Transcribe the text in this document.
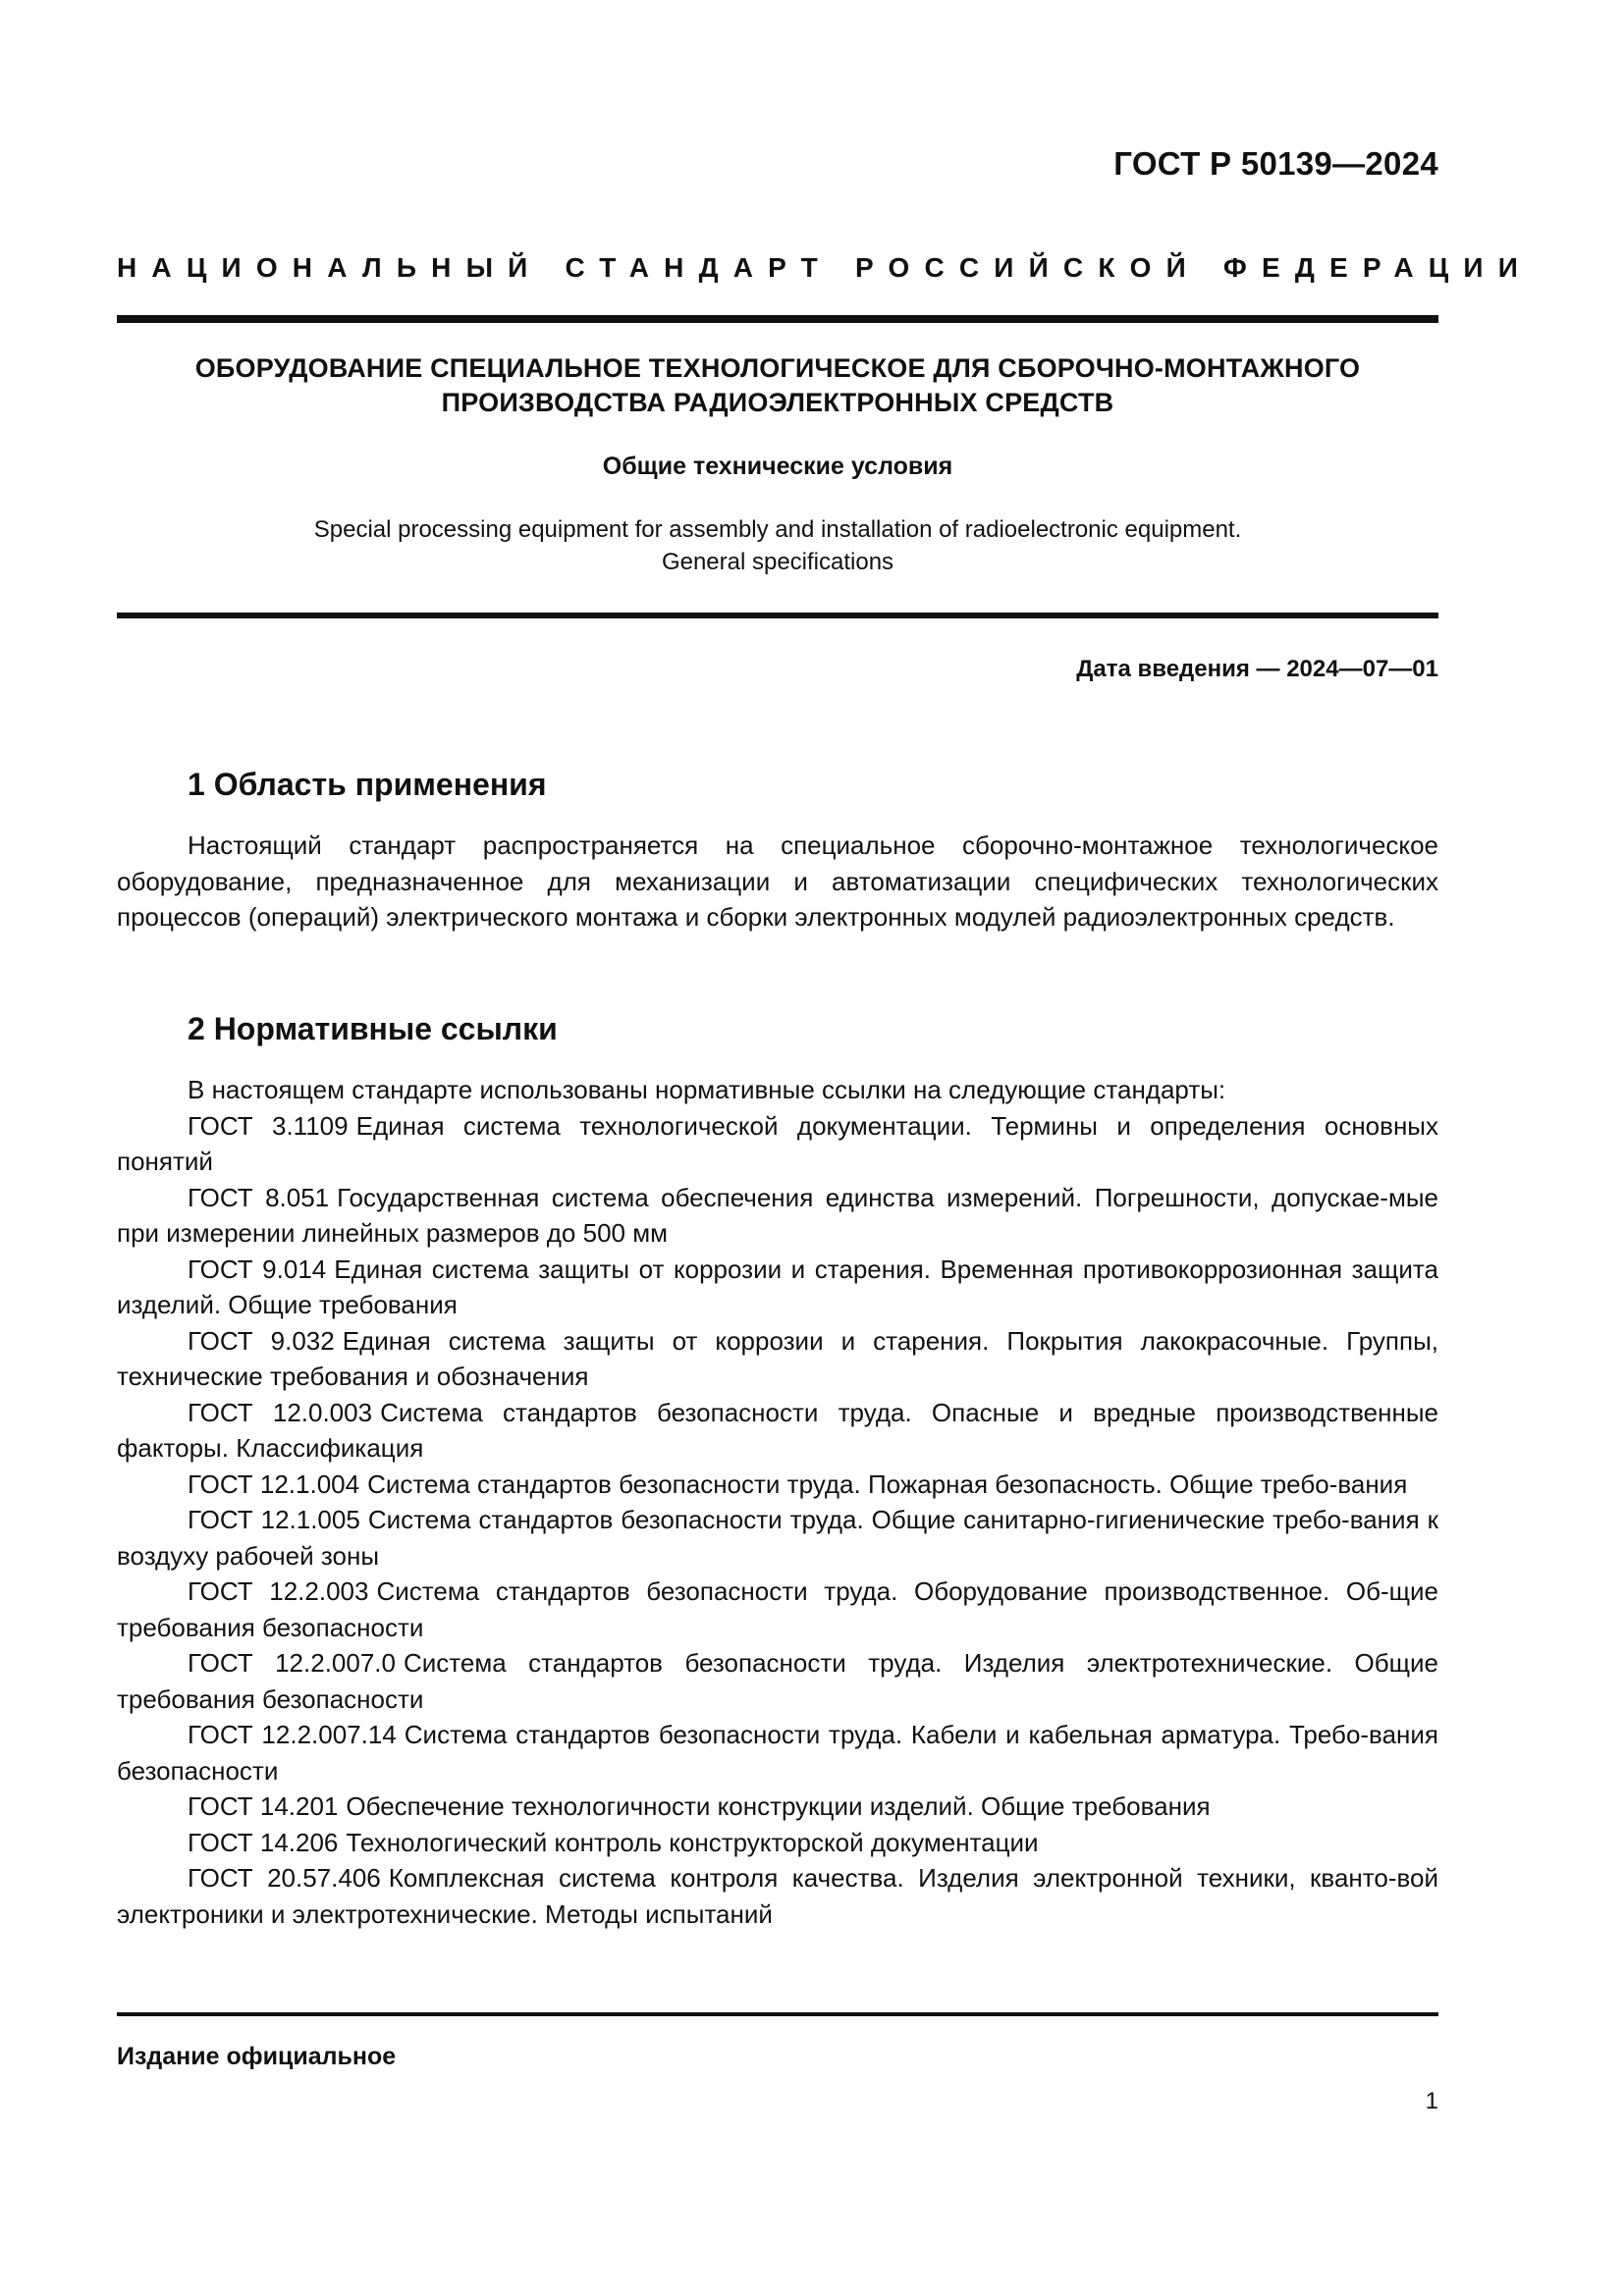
ГОСТ Р 50139—2024
НАЦИОНАЛЬНЫЙ СТАНДАРТ РОССИЙСКОЙ ФЕДЕРАЦИИ
ОБОРУДОВАНИЕ СПЕЦИАЛЬНОЕ ТЕХНОЛОГИЧЕСКОЕ ДЛЯ СБОРОЧНО-МОНТАЖНОГО
ПРОИЗВОДСТВА РАДИОЭЛЕКТРОННЫХ СРЕДСТВ
Общие технические условия
Special processing equipment for assembly and installation of radioelectronic equipment.
General specifications
Дата введения — 2024—07—01
1 Область применения

Настоящий стандарт распространяется на специальное сборочно-монтажное технологическое оборудование, предназначенное для механизации и автоматизации специфических технологических процессов (операций) электрического монтажа и сборки электронных модулей радиоэлектронных средств.

2 Нормативные ссылки

В настоящем стандарте использованы нормативные ссылки на следующие стандарты:

ГОСТ 3.1109 Единая система технологической документации. Термины и определения основных понятий

ГОСТ 8.051 Государственная система обеспечения единства измерений. Погрешности, допускае-мые при измерении линейных размеров до 500 мм

ГОСТ 9.014 Единая система защиты от коррозии и старения. Временная противокоррозионная защита изделий. Общие требования

ГОСТ 9.032 Единая система защиты от коррозии и старения. Покрытия лакокрасочные. Группы, технические требования и обозначения

ГОСТ 12.0.003 Система стандартов безопасности труда. Опасные и вредные производственные факторы. Классификация

ГОСТ 12.1.004 Система стандартов безопасности труда. Пожарная безопасность. Общие требо-вания

ГОСТ 12.1.005 Система стандартов безопасности труда. Общие санитарно-гигиенические требо-вания к воздуху рабочей зоны

ГОСТ 12.2.003 Система стандартов безопасности труда. Оборудование производственное. Об-щие требования безопасности

ГОСТ 12.2.007.0 Система стандартов безопасности труда. Изделия электротехнические. Общие требования безопасности

ГОСТ 12.2.007.14 Система стандартов безопасности труда. Кабели и кабельная арматура. Требо-вания безопасности

ГОСТ 14.201 Обеспечение технологичности конструкции изделий. Общие требования

ГОСТ 14.206 Технологический контроль конструкторской документации

ГОСТ 20.57.406 Комплексная система контроля качества. Изделия электронной техники, кванто-вой электроники и электротехнические. Методы испытаний

Издание официальное
1
